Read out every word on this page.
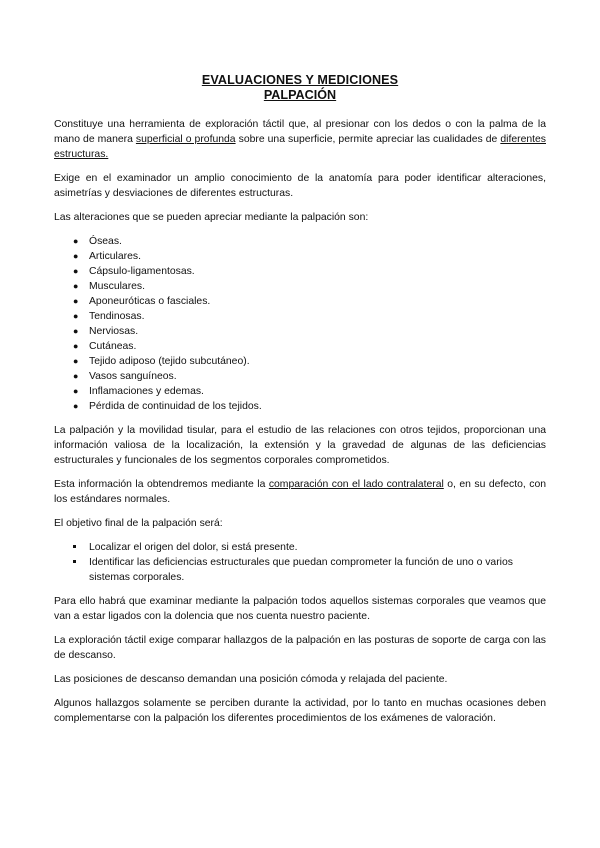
EVALUACIONES Y MEDICIONES
PALPACIÓN

Constituye una herramienta de exploración táctil que, al presionar con los dedos o con la palma de la mano de manera superficial o profunda sobre una superficie, permite apreciar las cualidades de diferentes estructuras.

Exige en el examinador un amplio conocimiento de la anatomía para poder identificar alteraciones, asimetrías y desviaciones de diferentes estructuras.

Las alteraciones que se pueden apreciar mediante la palpación son:

● Óseas.
● Articulares.
● Cápsulo-ligamentosas.
● Musculares.
● Aponeuróticas o fasciales.
● Tendinosas.
● Nerviosas.
● Cutáneas.
● Tejido adiposo (tejido subcutáneo).
● Vasos sanguíneos.
● Inflamaciones y edemas.
● Pérdida de continuidad de los tejidos.

La palpación y la movilidad tisular, para el estudio de las relaciones con otros tejidos, proporcionan una información valiosa de la localización, la extensión y la gravedad de algunas de las deficiencias estructurales y funcionales de los segmentos corporales comprometidos.

Esta información la obtendremos mediante la comparación con el lado contralateral o, en su defecto, con los estándares normales.

El objetivo final de la palpación será:

Localizar el origen del dolor, si está presente.
Identificar las deficiencias estructurales que puedan comprometer la función de uno o varios sistemas corporales.

Para ello habrá que examinar mediante la palpación todos aquellos sistemas corporales que veamos que van a estar ligados con la dolencia que nos cuenta nuestro paciente.

La exploración táctil exige comparar hallazgos de la palpación en las posturas de soporte de carga con las de descanso.

Las posiciones de descanso demandan una posición cómoda y relajada del paciente.

Algunos hallazgos solamente se perciben durante la actividad, por lo tanto en muchas ocasiones deben complementarse con la palpación los diferentes procedimientos de los exámenes de valoración.
